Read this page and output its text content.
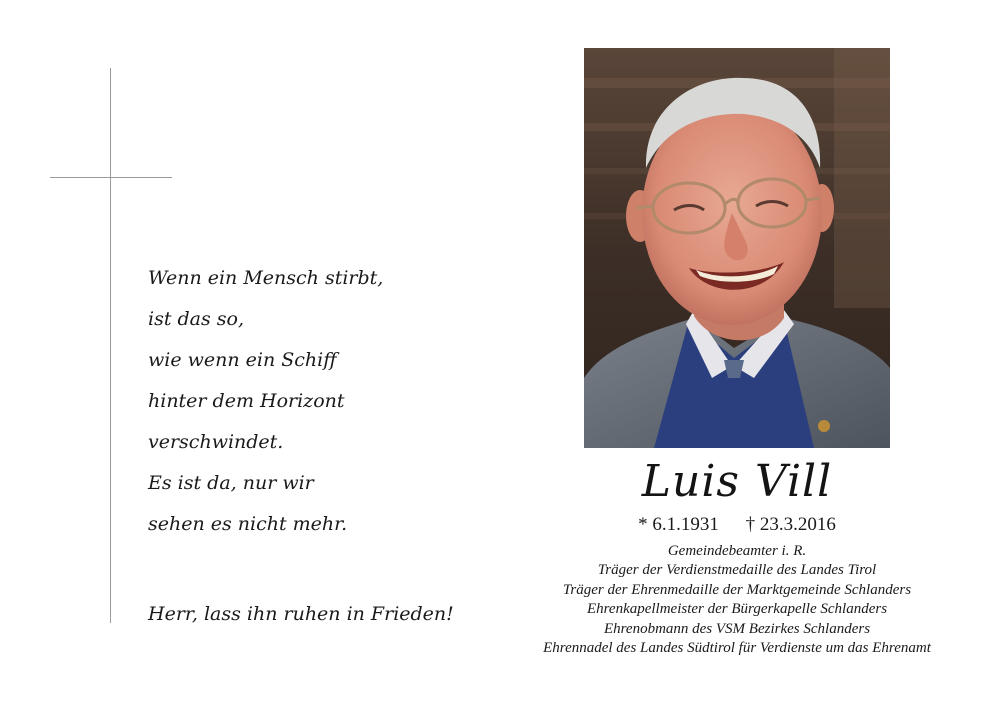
Wenn ein Mensch stirbt,
ist das so,
wie wenn ein Schiff
hinter dem Horizont
verschwindet.
Es ist da, nur wir
sehen es nicht mehr.
Herr, lass ihn ruhen in Frieden!
Luis Vill
* 6.1.1931 † 23.3.2016
Gemeindebeamter i. R.
Träger der Verdienstmedaille des Landes Tirol
Träger der Ehrenmedaille der Marktgemeinde Schlanders
Ehrenkapellmeister der Bürgerkapelle Schlanders
Ehrenobmann des VSM Bezirkes Schlanders
Ehrennadel des Landes Südtirol für Verdienste um das Ehrenamt
